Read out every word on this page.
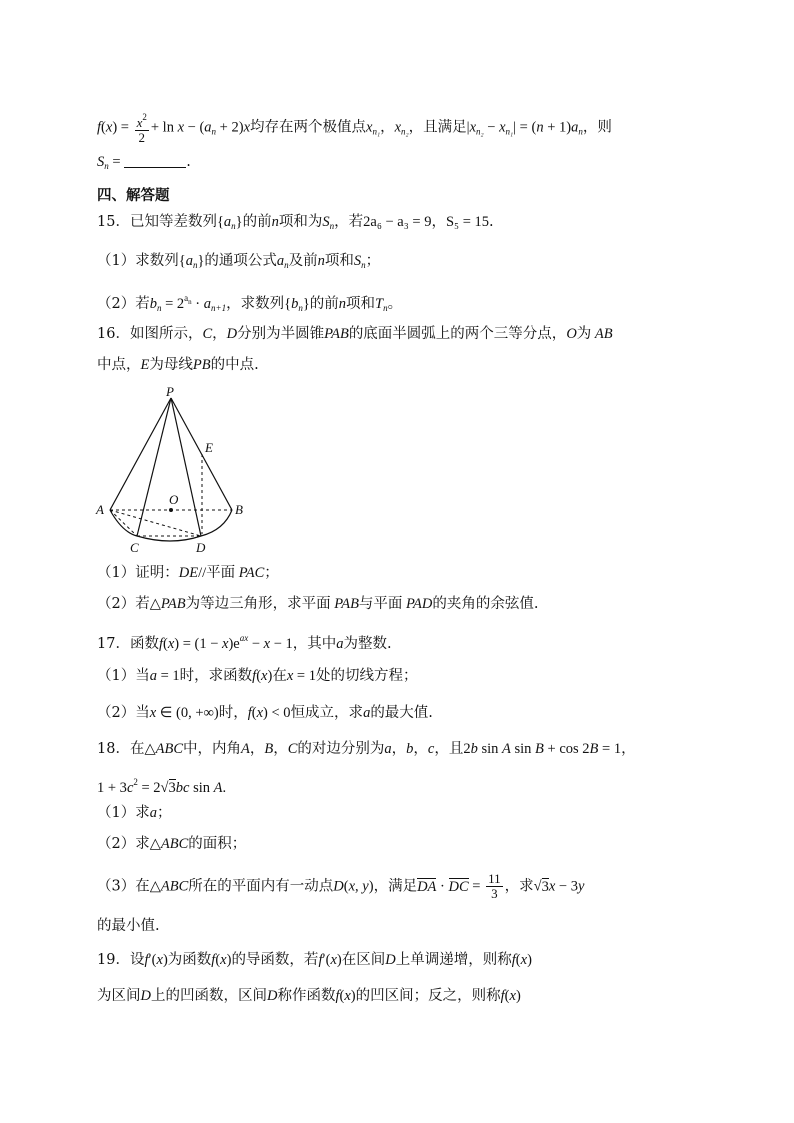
$f(x) = \frac{x^2}{2} + \ln x - (a_n + 2)x$均存在两个极值点$x_{n_1}$，$x_{n_2}$，且满足$|x_{n_2} - x_{n_1}| = (n + 1)a_n$，则
$S_n$ =	.
四、解答题
15．已知等差数列$\{a_n\}$的前n项和为$S_n$，若2a₆ − a₃ = 9，S₅ = 15.
（1）求数列$\{a_n\}$的通项公式$a_n$及前n项和$S_n$；
（2）若$b_n = 2^{a_n} \cdot a_{n+1}$，求数列$\{b_n\}$的前n项和$T_n$。
16．如图所示，C，D分别为半圆锥PAB的底面半圆弧上的两个三等分点，O为 AB
中点，E为母线PB的中点.
P
E
O
A	B
C	D
（1）证明：DE//平面 PAC；
（2）若△PAB为等边三角形，求平面 PAB与平面 PAD的夹角的余弦值.
17．函数$f(x) = (1 - x)e^{ax} - x - 1$，其中a为整数.
（1）当a = 1时，求函数f(x)在x = 1处的切线方程；
（2）当x ∈ (0, +∞)时，f(x) < 0恒成立，求a的最大值.
18．在△ABC中，内角A，B，C的对边分别为a，b，c，且2b sin A sin B + cos 2B = 1，
$1 + 3c^2 = 2√3bc$ sin A.
（1）求a；
（2）求△ABC的面积；
（3）在△ABC所在的平面内有一动点D(x, y)，满足DA · DC = $\frac{11}{3}$ ，求√3x − 3y
的最小值.
19．设f′(x)为函数f(x)的导函数，若f′(x)在区间D上单调递增，则称f(x)
为区间D上的凹函数，区间D称作函数f(x)的凹区间；反之，则称f(x)
